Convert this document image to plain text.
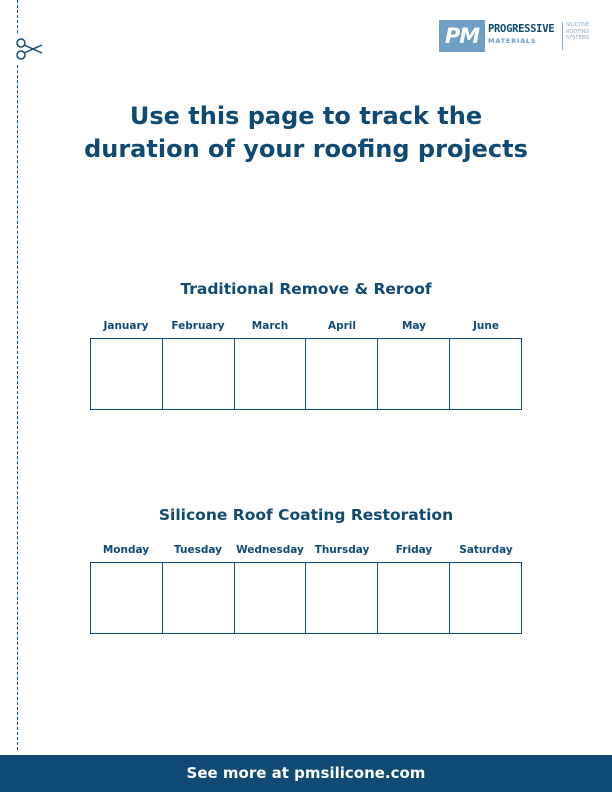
PM PROGRESSIVE
MATERIALS
SILICONE ROOFING SYSTEMS
Use this page to track the
duration of your roofing projects
Traditional Remove & Reroof
January	February	March	April	May	June
Silicone Roof Coating Restoration
Monday	Tuesday	Wednesday	Thursday	Friday	Saturday
See more at pmsilicone.com
